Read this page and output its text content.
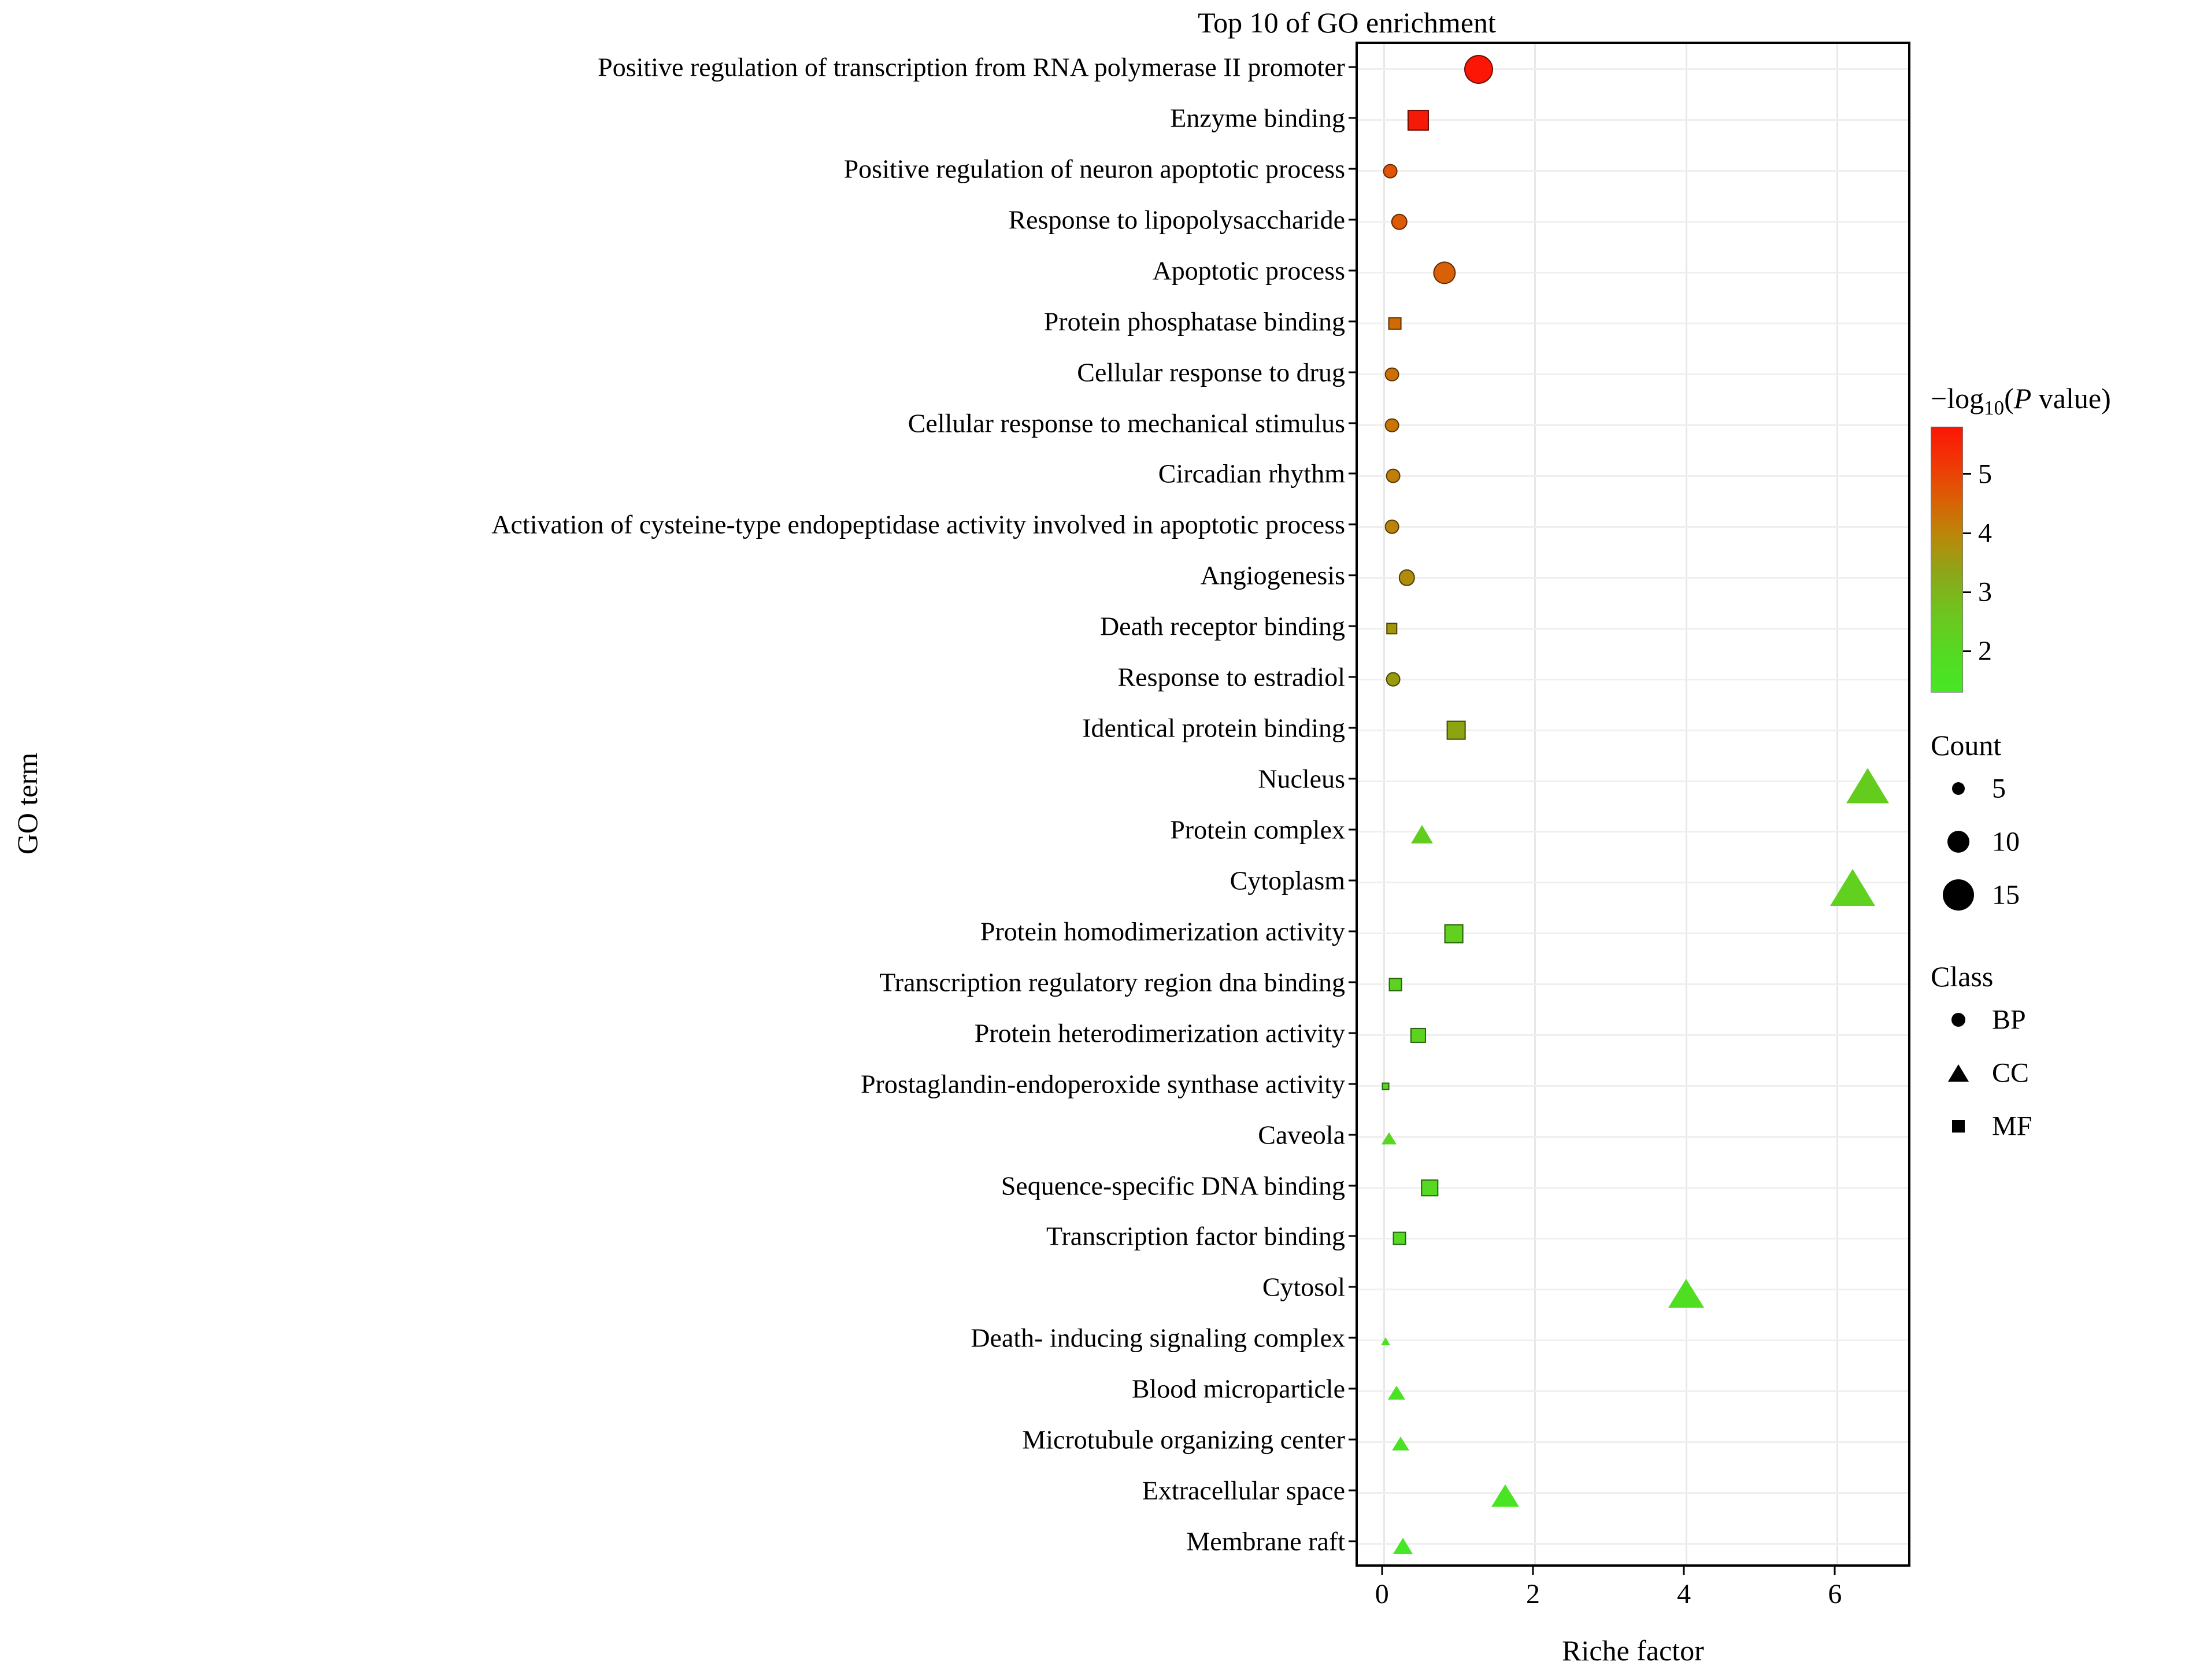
Top 10 of GO enrichment
GO term
Positive regulation of transcription from RNA polymerase II promoter
Enzyme binding
Positive regulation of neuron apoptotic process
Response to lipopolysaccharide
Apoptotic process
Protein phosphatase binding
Cellular response to drug
Cellular response to mechanical stimulus
Circadian rhythm
Activation of cysteine-type endopeptidase activity involved in apoptotic process
Angiogenesis
Death receptor binding
Response to estradiol
Identical protein binding
Nucleus
Protein complex
Cytoplasm
Protein homodimerization activity
Transcription regulatory region dna binding
Protein heterodimerization activity
Prostaglandin-endoperoxide synthase activity
Caveola
Sequence-specific DNA binding
Transcription factor binding
Cytosol
Death- inducing signaling complex
Blood microparticle
Microtubule organizing center
Extracellular space
Membrane raft
0	2	4	6
Riche factor
$-\log_{10}(P$ value)
5
4
3
2
Count
5
10
15
Class
BP
CC
MF
